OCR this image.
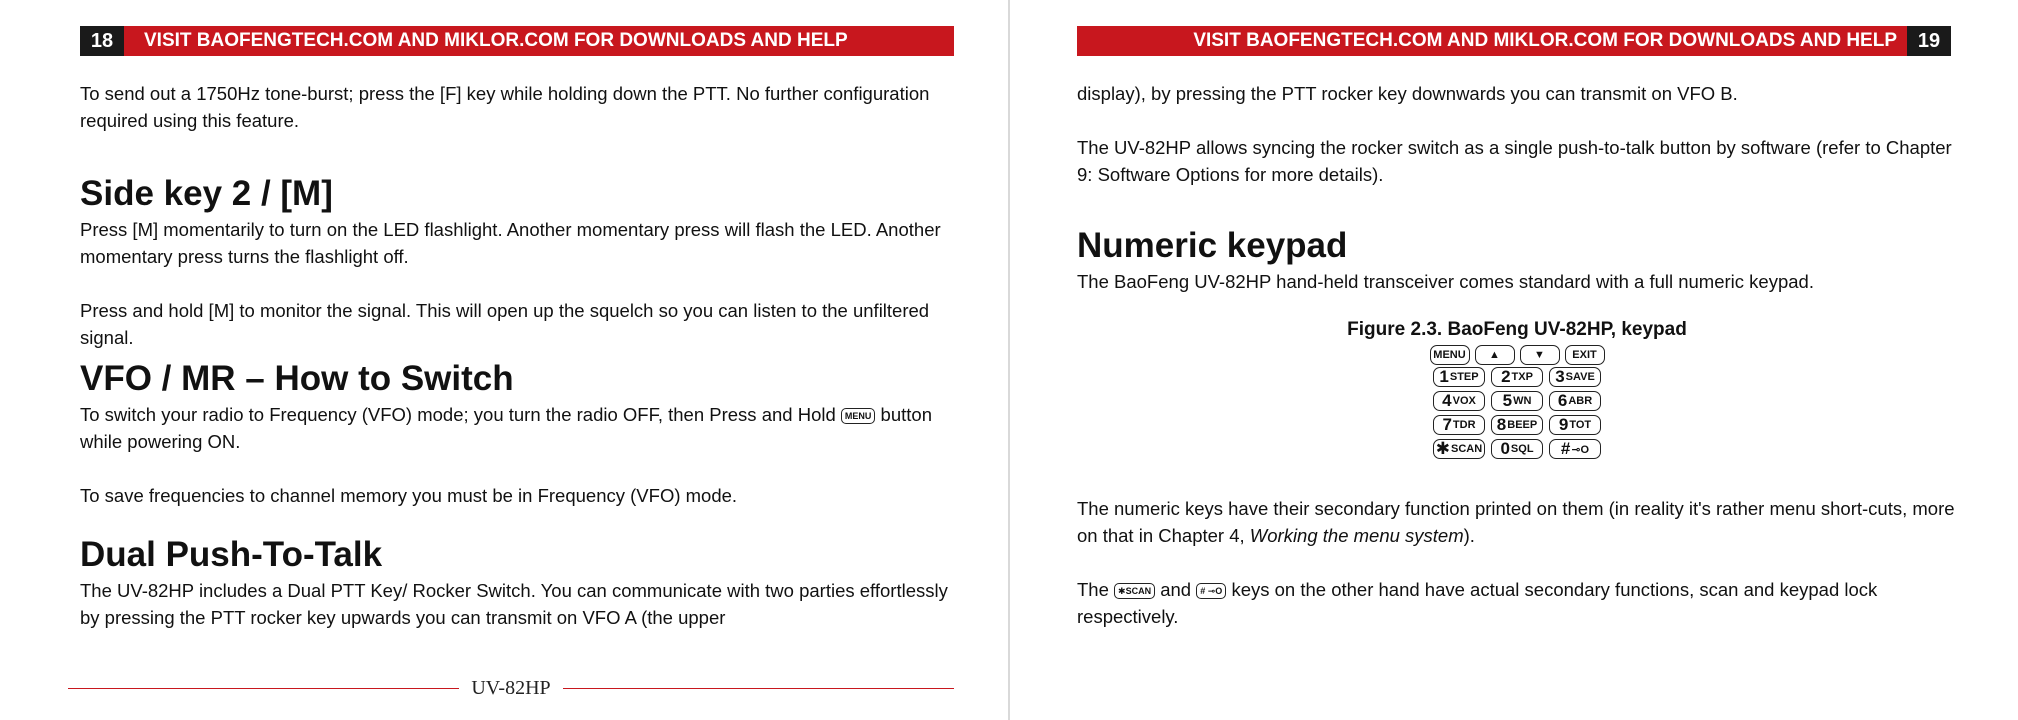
18	VISIT BAOFENGTECH.COM AND MIKLOR.COM FOR DOWNLOADS AND HELP

To send out a 1750Hz tone-burst; press the [F] key while holding down the PTT. No further configuration required using this feature.

Side key 2 / [M]

Press [M] momentarily to turn on the LED flashlight. Another momentary press will flash the LED. Another momentary press turns the flashlight off.

Press and hold [M] to monitor the signal. This will open up the squelch so you can listen to the unfiltered signal.

VFO / MR – How to Switch

To switch your radio to Frequency (VFO) mode; you turn the radio OFF, then Press and Hold MENU button while powering ON.

To save frequencies to channel memory you must be in Frequency (VFO) mode.

Dual Push-To-Talk

The UV-82HP includes a Dual PTT Key/ Rocker Switch. You can communicate with two parties effortlessly by pressing the PTT rocker key upwards you can transmit on VFO A (the upper

UV-82HP
VISIT BAOFENGTECH.COM AND MIKLOR.COM FOR DOWNLOADS AND HELP	19

display), by pressing the PTT rocker key downwards you can transmit on VFO B.

The UV-82HP allows syncing the rocker switch as a single push-to-talk button by software (refer to Chapter 9: Software Options for more details).

Numeric keypad

The BaoFeng UV-82HP hand-held transceiver comes standard with a full numeric keypad.

Figure 2.3. BaoFeng UV-82HP, keypad
MENU	▲	▼	EXIT
1 STEP 2 TXP 3 SAVE
4 VOX 5 WN 6 ABR
7 TDR 8 BEEP 9 TOT
✱ SCAN 0 SQL # ⊸O

The numeric keys have their secondary function printed on them (in reality it's rather menu short-cuts, more on that in Chapter 4, Working the menu system).

The ✱SCAN and # ⊸O keys on the other hand have actual secondary functions, scan and keypad lock respectively.
